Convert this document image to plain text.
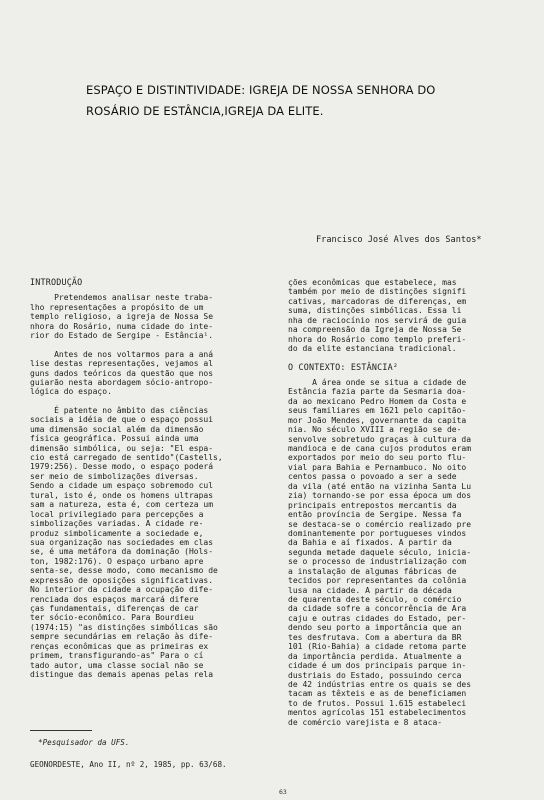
ESPAÇO E DISTINTIVIDADE: IGREJA DE NOSSA SENHORA DO
ROSÁRIO DE ESTÂNCIA,IGREJA DA ELITE.
Francisco José Alves dos Santos*
INTRODUÇÃO
Pretendemos analisar neste traba-
lho representações a propósito de um
templo religioso, a igreja de Nossa Se
nhora do Rosário, numa cidade do inte-
rior do Estado de Sergipe - Estância¹.
Antes de nos voltarmos para a aná
lise destas representações, vejamos al
guns dados teóricos da questão que nos
guiarão nesta abordagem sócio-antropo-
lógica do espaço.
É patente no âmbito das ciências
sociais a idéia de que o espaço possui
uma dimensão social além da dimensão
física geográfica. Possui ainda uma
dimensão simbólica, ou seja: "El espa-
cio está carregado de sentido"(Castells,
1979:256). Desse modo, o espaço poderá
ser meio de simbolizações diversas.
Sendo a cidade um espaço sobremodo cul
tural, isto é, onde os homens ultrapas
sam a natureza, esta é, com certeza um
local privilegiado para percepções a
simbolizações variadas. A cidade re-
produz simbolicamente a sociedade e,
sua organização nas sociedades em clas
se, é uma metáfora da dominação (Hols-
ton, 1982:176). O espaço urbano apre
senta-se, desse modo, como mecanismo de
expressão de oposições significativas.
No interior da cidade a ocupação dife-
renciada dos espaços marcará difere
ças fundamentais, diferenças de car
ter sócio-econômico. Para Bourdieu
(1974:15) "as distinções simbólicas são
sempre secundárias em relação às dife-
renças econômicas que as primeiras ex
primem, transfigurando-as" Para o cí
tado autor, uma classe social não se
distingue das demais apenas pelas rela
ções econômicas que estabelece, mas
também por meio de distinções signifi
cativas, marcadoras de diferenças, em
suma, distinções simbólicas. Essa li
nha de raciocínio nos servirá de guia
na compreensão da Igreja de Nossa Se
nhora do Rosário como templo preferi-
do da elite estanciana tradicional.
O CONTEXTO: ESTÂNCIA²
A área onde se situa a cidade de
Estância fazia parte da Sesmaria doa-
da ao mexicano Pedro Homem da Costa e
seus familiares em 1621 pelo capitão-
mor João Mendes, governante da capita
nia. No século XVIII a região se de-
senvolve sobretudo graças à cultura da
mandioca e de cana cujos produtos eram
exportados por meio do seu porto flu-
vial para Bahia e Pernambuco. No oito
centos passa o povoado a ser a sede
da vila (até então na vizinha Santa Lu
zia) tornando-se por essa época um dos
principais entrepostos mercantis da
então província de Sergipe. Nessa fa
se destaca-se o comércio realizado pre
dominantemente por portugueses vindos
da Bahia e aí fixados. A partir da
segunda metade daquele século, inicia-
se o processo de industrialização com
a instalação de algumas fábricas de
tecidos por representantes da colônia
lusa na cidade. A partir da década
de quarenta deste século, o comércio
da cidade sofre a concorrência de Ara
caju e outras cidades do Estado, per-
dendo seu porto a importância que an
tes desfrutava. Com a abertura da BR
101 (Rio-Bahia) a cidade retoma parte
da importância perdida. Atualmente a
cidade é um dos principais parque in-
dustriais do Estado, possuindo cerca
de 42 indústrias entre os quais se des
tacam as têxteis e as de beneficiamen
to de frutos. Possui 1.615 estabeleci
mentos agrícolas 151 estabelecimentos
de comércio varejista e 8 ataca-
*Pesquisador da UFS.
GEONORDESTE, Ano II, nº 2, 1985, pp. 63/68.
63
